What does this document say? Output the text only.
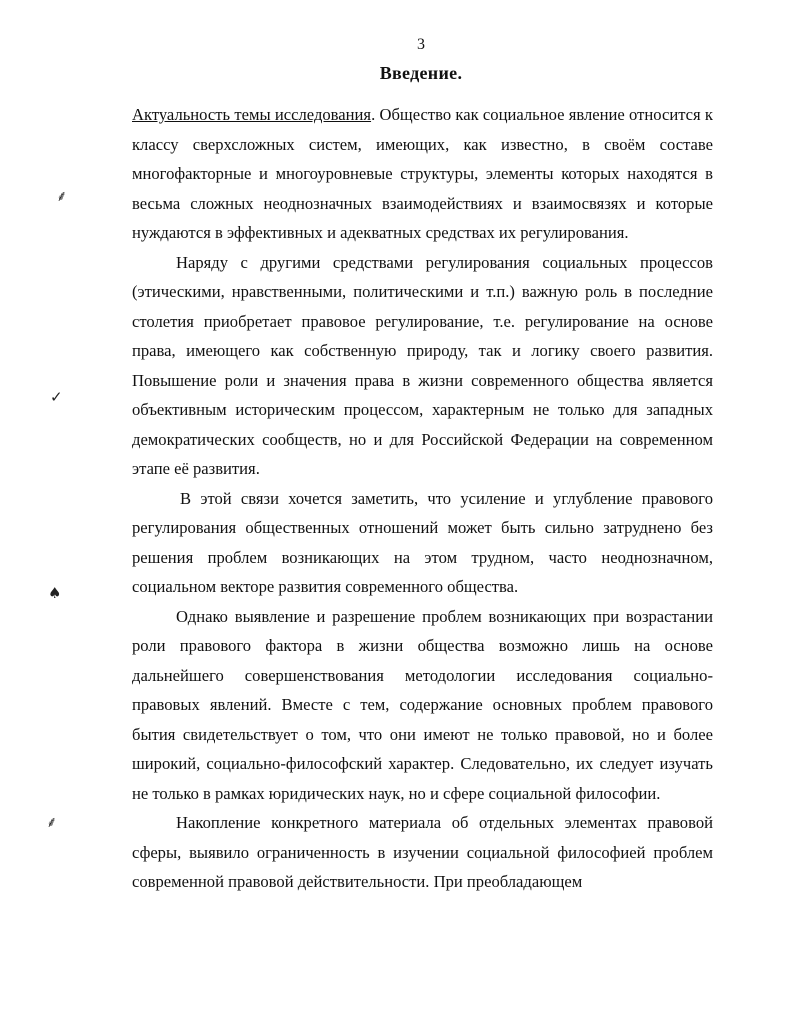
3
Введение.
⸙
✓
♠
⸙

Актуальность темы исследования. Общество как социальное явление относится к классу сверхсложных систем, имеющих, как известно, в своём составе многофакторные и многоуровневые структуры, элементы которых находятся в весьма сложных неоднозначных взаимодействиях и взаимосвязях и которые нуждаются в эффективных и адекватных средствах их регулирования.

Наряду с другими средствами регулирования социальных процессов (этическими, нравственными, политическими и т.п.) важную роль в последние столетия приобретает правовое регулирование, т.е. регулирование на основе права, имеющего как собственную природу, так и логику своего развития. Повышение роли и значения права в жизни современного общества является объективным историческим процессом, характерным не только для западных демократических сообществ, но и для Российской Федерации на современном этапе её развития.

В этой связи хочется заметить, что усиление и углубление правового регулирования общественных отношений может быть сильно затруднено без решения проблем возникающих на этом трудном, часто неоднозначном, социальном векторе развития современного общества.

Однако выявление и разрешение проблем возникающих при возрастании роли правового фактора в жизни общества возможно лишь на основе дальнейшего совершенствования методологии исследования социально-правовых явлений. Вместе с тем, содержание основных проблем правового бытия свидетельствует о том, что они имеют не только правовой, но и более широкий, социально-философский характер. Следовательно, их следует изучать не только в рамках юридических наук, но и сфере социальной философии.

Накопление конкретного материала об отдельных элементах правовой сферы, выявило ограниченность в изучении социальной философией проблем современной правовой действительности. При преобладающем
